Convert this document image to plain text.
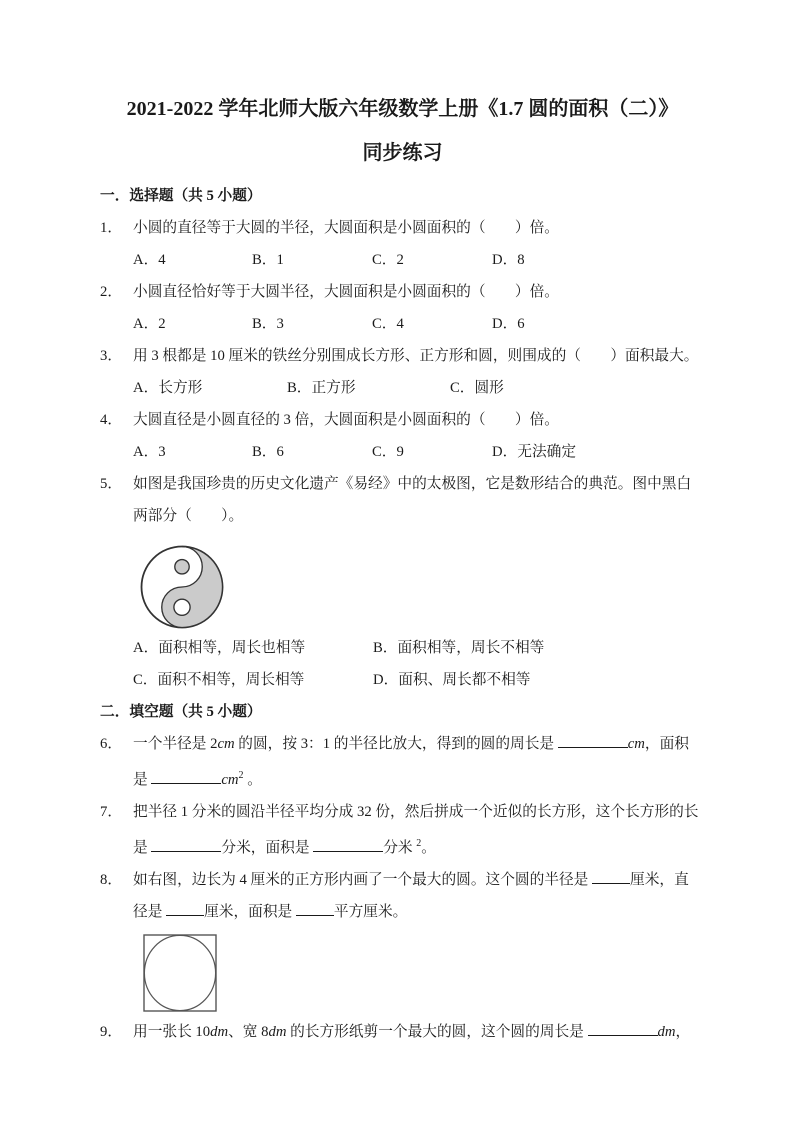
2021-2022 学年北师大版六年级数学上册《1.7 圆的面积（二）》
同步练习
一．选择题（共 5 小题）
1． 小圆的直径等于大圆的半径，大圆面积是小圆面积的（　　）倍。
A．4	B．1	C．2	D．8
2． 小圆直径恰好等于大圆半径，大圆面积是小圆面积的（　　）倍。
A．2	B．3	C．4	D．6
3． 用 3 根都是 10 厘米的铁丝分别围成长方形、正方形和圆，则围成的（　　）面积最大。
A．长方形	B．正方形	C．圆形
4． 大圆直径是小圆直径的 3 倍，大圆面积是小圆面积的（　　）倍。
A．3	B．6	C．9	D．无法确定
5． 如图是我国珍贵的历史文化遗产《易经》中的太极图，它是数形结合的典范。图中黑白
两部分（　　）。
A．面积相等，周长也相等	B．面积相等，周长不相等
C．面积不相等，周长相等	D．面积、周长都不相等
二．填空题（共 5 小题）
6． 一个半径是 2cm 的圆，按 3：1 的半径比放大，得到的圆的周长是	cm，面积
是	$cm^2$ 。
7． 把半径 1 分米的圆沿半径平均分成 32 份，然后拼成一个近似的长方形，这个长方形的长
是	分米，面积是	分米 $^2$。
8． 如右图，边长为 4 厘米的正方形内画了一个最大的圆。这个圆的半径是	厘米，直
径是	厘米，面积是	平方厘米。
9． 用一张长 10dm、宽 8dm 的长方形纸剪一个最大的圆，这个圆的周长是	dm，
